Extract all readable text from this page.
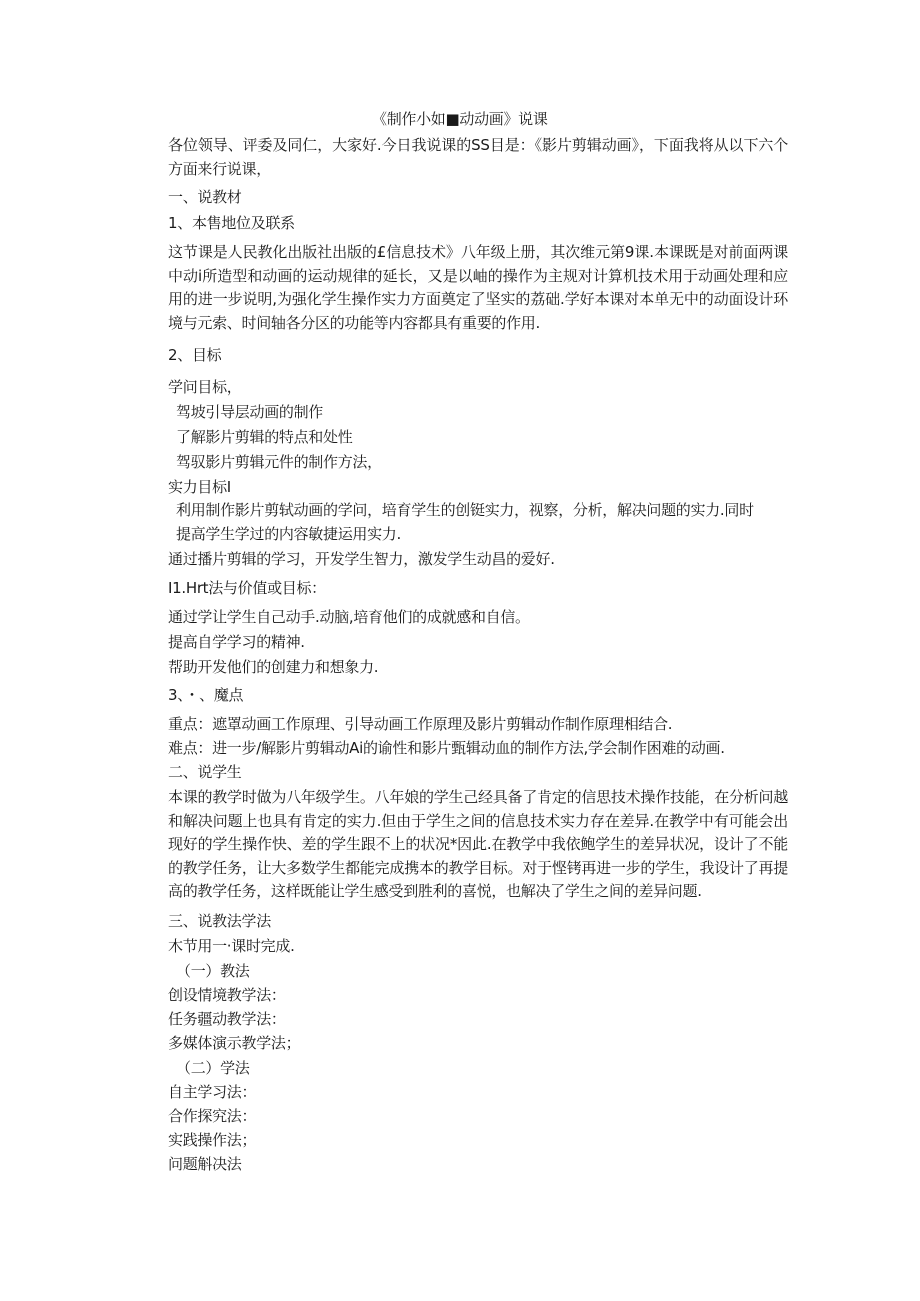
《制作小如■动动画》说课
各位领导、评委及同仁，大家好.今日我说课的SS目是：《影片剪辑动画》，下面我将从以下六个方面来行说课，
一、说教材
1、本售地位及联系
这节课是人民教化出版社出版的£信息技术》八年级上册，其次维元第9课.本课既是对前面两课中动i所造型和动画的运动规律的延长，又是以岫的操作为主规对计算机技术用于动画处理和应用的进一步说明,为强化学生操作实力方面奠定了坚实的荔础.学好本课对本单无中的动面设计环境与元索、时间轴各分区的功能等内容都具有重要的作用.
2、目标
学问目标，
驾坡引导层动画的制作
了解影片剪辑的特点和处性
驾驭影片剪辑元件的制作方法，
实力目标I
利用制作影片剪轼动画的学问，培育学生的创铤实力，视察，分析，解决问题的实力.同时
提高学生学过的内容敏捷运用实力.
通过播片剪辑的学习，开发学生智力，激发学生动昌的爱好.
I1.Hrt法与价值或目标：
通过学让学生自己动手.动脑,培育他们的成就感和自信。
提高自学学习的精神.
帮助开发他们的创建力和想象力.
3、・、魔点
重点：遮罩动画工作原理、引导动画工作原理及影片剪辑动作制作原理相结合.
难点：进一步/解影片剪辑动Ai的谕性和影片甄辑动血的制作方法,学会制作困难的动画.
二、说学生
本课的教学时做为八年级学生。八年娘的学生己经具备了肯定的信思技术操作技能，在分析问越和解决问题上也具有肯定的实力.但由于学生之间的信息技术实力存在差异.在教学中有可能会出现好的学生操作快、差的学生跟不上的状况*因此.在教学中我依鲍学生的差异状况，设计了不能的教学任务，让大多数学生都能完成携本的教学目标。对于悭铐再进一步的学生，我设计了再提高的教学任务，这样既能让学生感受到胜利的喜悦，也解决了学生之间的差异问题.
三、说教法学法
木节用一·课时完成.
（一）教法
创设情境教学法：
任务疆动教学法：
多媒体演示教学法；
（二）学法
自主学习法：
合作探究法：
实践操作法；
问题斛决法
